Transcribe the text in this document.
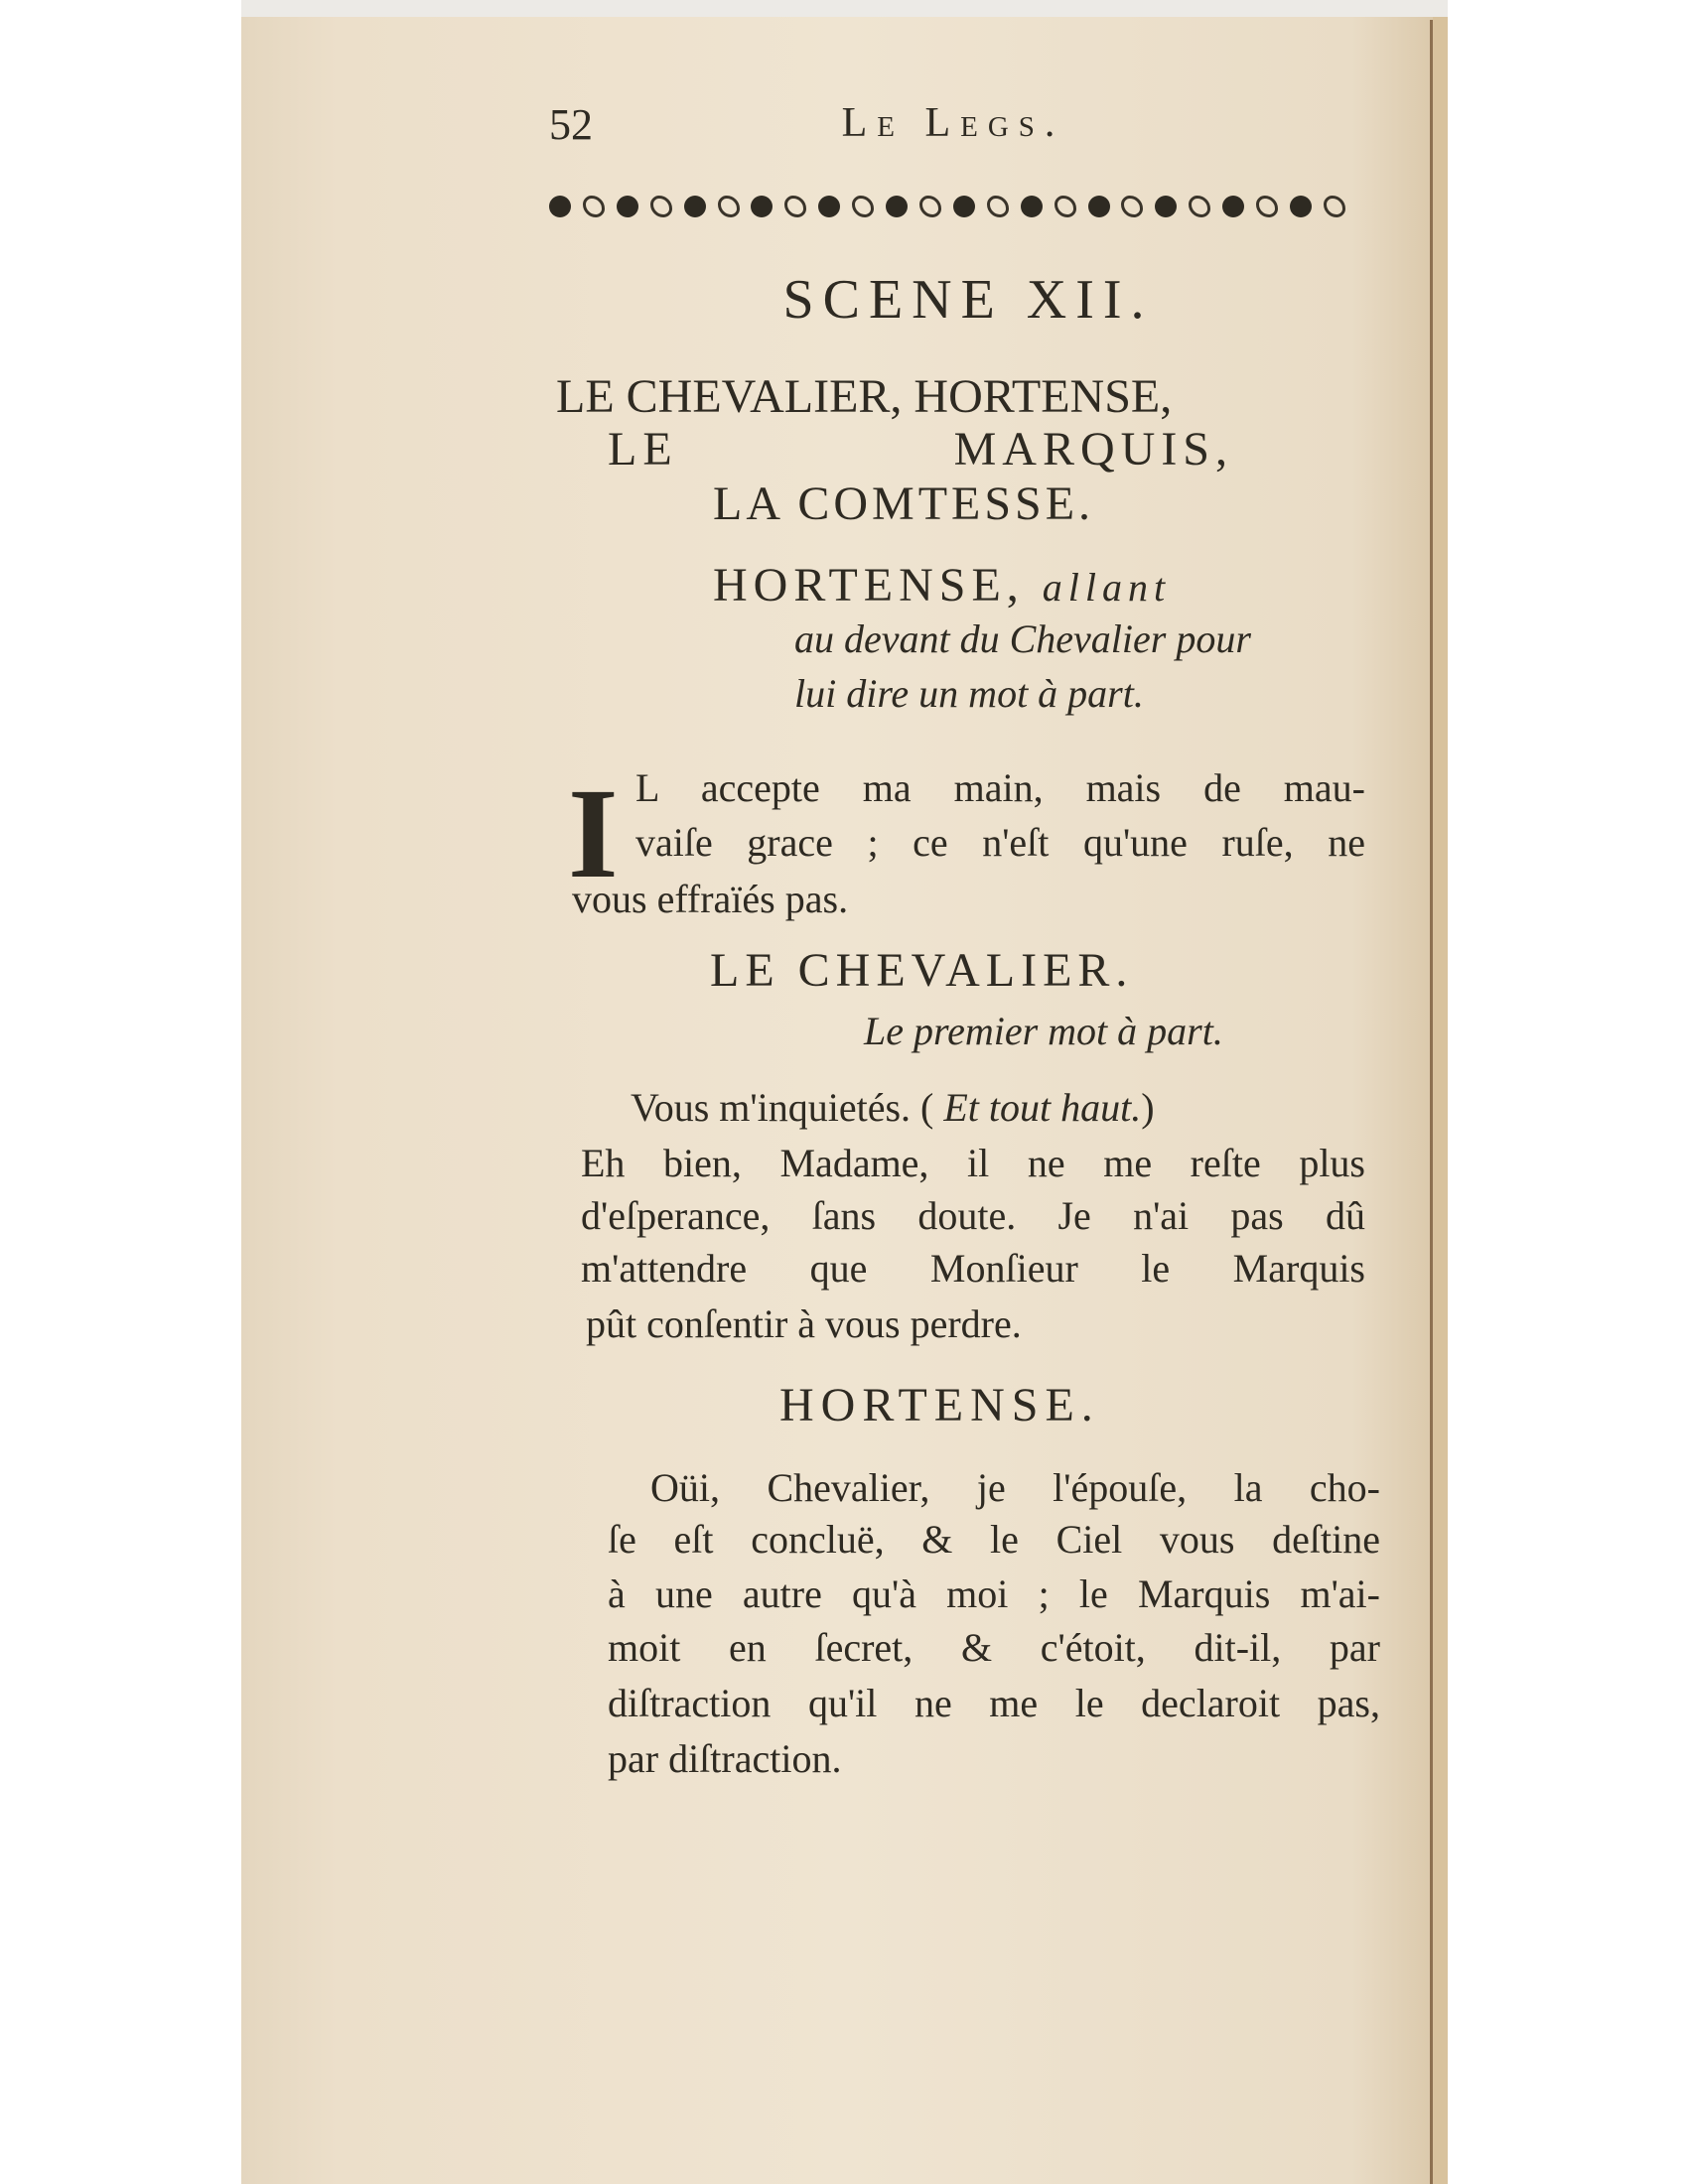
52	Le Legs.
SCENE XII.
LE CHEVALIER, HORTENSE,
LE MARQUIS,
LA COMTESSE.
HORTENSE, allant
au devant du Chevalier pour
lui dire un mot à part.
I L accepte ma main, mais de mau-
vaiſe grace ; ce n'eſt qu'une ruſe, ne
vous effraïés pas.
LE CHEVALIER.
Le premier mot à part.
Vous m'inquietés. ( Et tout haut.)
Eh bien, Madame, il ne me reſte plus
d'eſperance, ſans doute. Je n'ai pas dû
m'attendre que Monſieur le Marquis
pût conſentir à vous perdre.
HORTENSE.
Oüi, Chevalier, je l'épouſe, la cho-
ſe eſt concluë, & le Ciel vous deſtine
à une autre qu'à moi ; le Marquis m'ai-
moit en ſecret, & c'étoit, dit-il, par
diſtraction qu'il ne me le declaroit pas,
par diſtraction.
